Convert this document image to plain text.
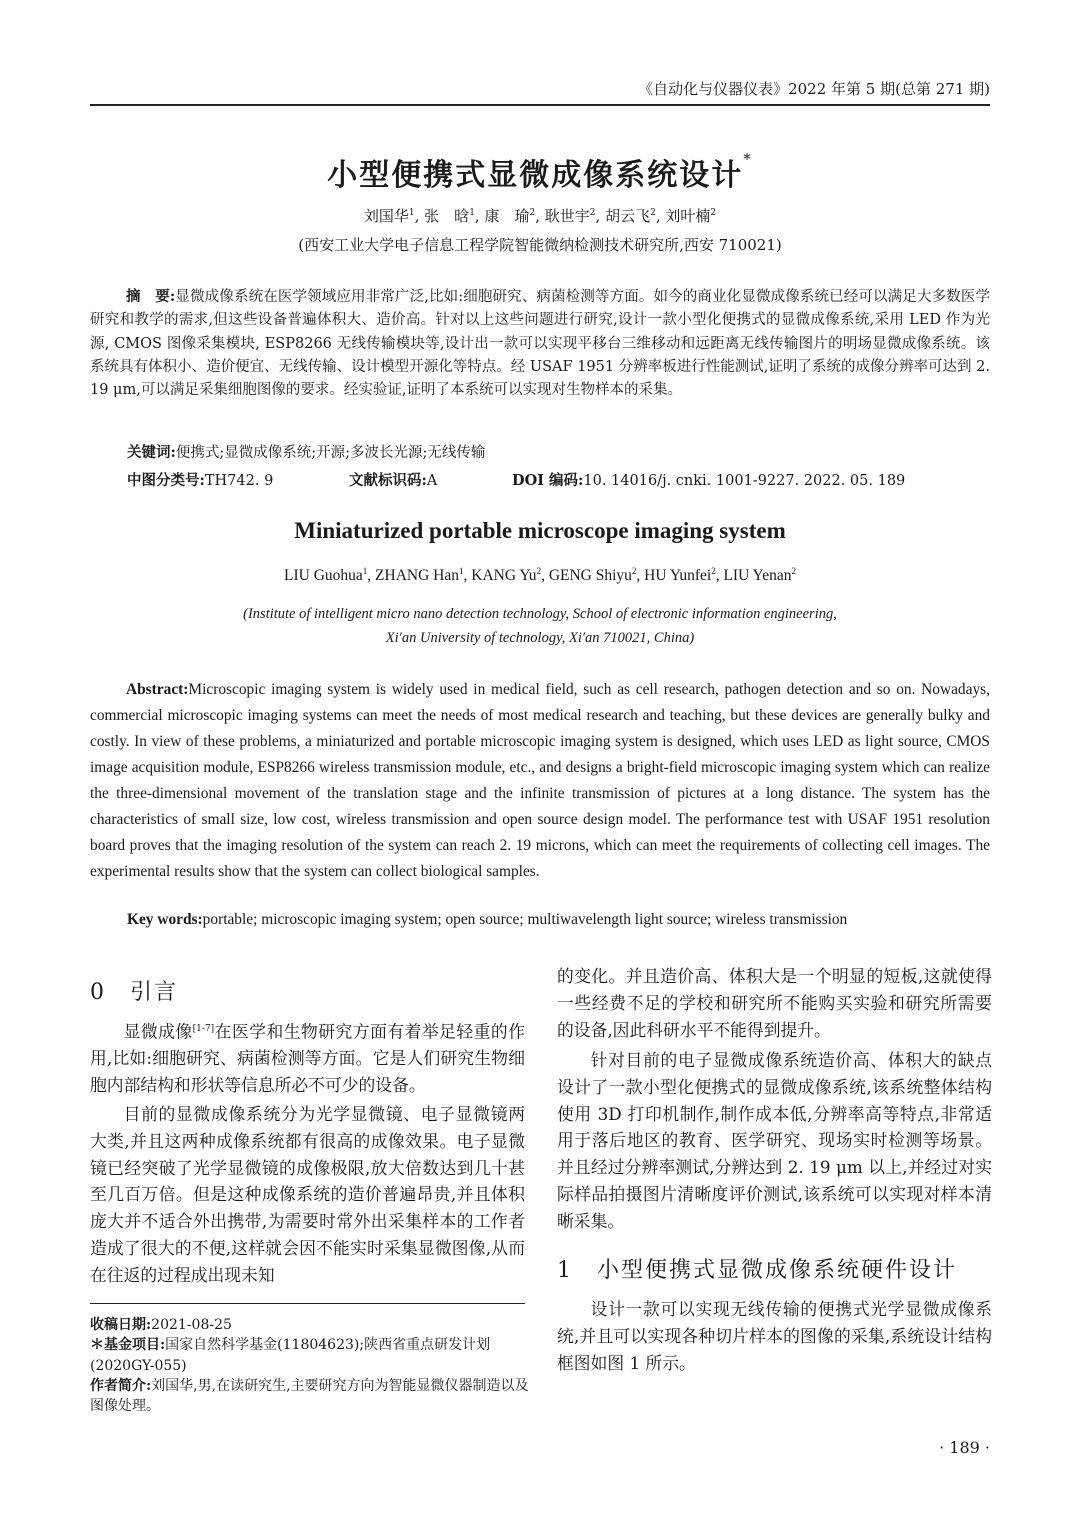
《自动化与仪器仪表》2022 年第 5 期(总第 271 期)
小型便携式显微成像系统设计*
刘国华$^1$, 张　晗$^1$, 康　瑜$^2$, 耿世宇$^2$, 胡云飞$^2$, 刘叶楠$^2$
(西安工业大学电子信息工程学院智能微纳检测技术研究所,西安 710021)
摘　要:显微成像系统在医学领域应用非常广泛,比如:细胞研究、病菌检测等方面。如今的商业化显微成像系统已经可以满足大多数医学研究和教学的需求,但这些设备普遍体积大、造价高。针对以上这些问题进行研究,设计一款小型化便携式的显微成像系统,采用 LED 作为光源, CMOS 图像采集模块, ESP8266 无线传输模块等,设计出一款可以实现平移台三维移动和远距离无线传输图片的明场显微成像系统。该系统具有体积小、造价便宜、无线传输、设计模型开源化等特点。经 USAF 1951 分辨率板进行性能测试,证明了系统的成像分辨率可达到 2. 19 μm,可以满足采集细胞图像的要求。经实验证,证明了本系统可以实现对生物样本的采集。
关键词:便携式;显微成像系统;开源;多波长光源;无线传输
中图分类号:TH742. 9	文献标识码:A	DOI 编码:10. 14016/j. cnki. 1001-9227. 2022. 05. 189
Miniaturized portable microscope imaging system
LIU Guohua$^1$, ZHANG Han$^1$, KANG Yu$^2$, GENG Shiyu$^2$, HU Yunfei$^2$, LIU Yenan$^2$
(Institute of intelligent micro nano detection technology, School of electronic information engineering,
Xi′an University of technology, Xi′an 710021, China)
Abstract:Microscopic imaging system is widely used in medical field, such as cell research, pathogen detection and so on. Nowadays, commercial microscopic imaging systems can meet the needs of most medical research and teaching, but these devices are generally bulky and costly. In view of these problems, a miniaturized and portable microscopic imaging system is designed, which uses LED as light source, CMOS image acquisition module, ESP8266 wireless transmission module, etc., and designs a bright-field microscopic imaging system which can realize the three-dimensional movement of the translation stage and the infinite transmission of pictures at a long distance. The system has the characteristics of small size, low cost, wireless transmission and open source design model. The performance test with USAF 1951 resolution board proves that the imaging resolution of the system can reach 2. 19 microns, which can meet the requirements of collecting cell images. The experimental results show that the system can collect biological samples.
Key words:portable; microscopic imaging system; open source; multiwavelength light source; wireless transmission
0 引言
显微成像[1-7]在医学和生物研究方面有着举足轻重的作用,比如:细胞研究、病菌检测等方面。它是人们研究生物细胞内部结构和形状等信息所必不可少的设备。
目前的显微成像系统分为光学显微镜、电子显微镜两大类,并且这两种成像系统都有很高的成像效果。电子显微镜已经突破了光学显微镜的成像极限,放大倍数达到几十甚至几百万倍。但是这种成像系统的造价普遍昂贵,并且体积庞大并不适合外出携带,为需要时常外出采集样本的工作者造成了很大的不便,这样就会因不能实时采集显微图像,从而在往返的过程成出现未知
收稿日期:2021-08-25
＊基金项目:国家自然科学基金(11804623);陕西省重点研发计划(2020GY-055)
作者简介:刘国华,男,在读研究生,主要研究方向为智能显微仪器制造以及图像处理。
的变化。并且造价高、体积大是一个明显的短板,这就使得一些经费不足的学校和研究所不能购买实验和研究所需要的设备,因此科研水平不能得到提升。
针对目前的电子显微成像系统造价高、体积大的缺点设计了一款小型化便携式的显微成像系统,该系统整体结构使用 3D 打印机制作,制作成本低,分辨率高等特点,非常适用于落后地区的教育、医学研究、现场实时检测等场景。并且经过分辨率测试,分辨达到 2. 19 μm 以上,并经过对实际样品拍摄图片清晰度评价测试,该系统可以实现对样本清晰采集。
1 小型便携式显微成像系统硬件设计
设计一款可以实现无线传输的便携式光学显微成像系统,并且可以实现各种切片样本的图像的采集,系统设计结构框图如图 1 所示。
· 189 ·
